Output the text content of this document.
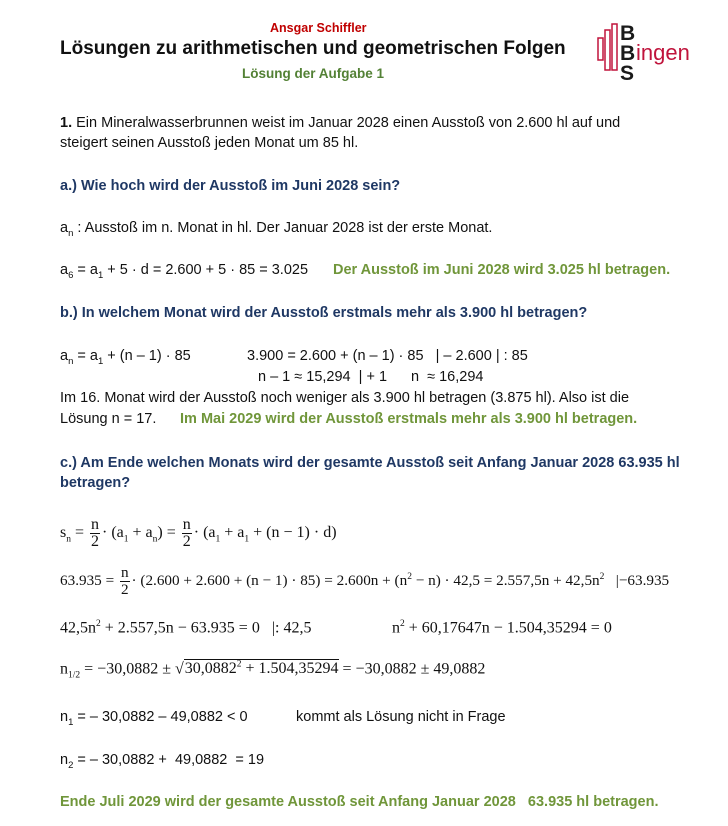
Ansgar Schiffler
Lösungen zu arithmetischen und geometrischen Folgen
Lösung der Aufgabe 1
B
B
S
ingen
1. Ein Mineralwasserbrunnen weist im Januar 2028 einen Ausstoß von 2.600 hl auf und
steigert seinen Ausstoß jeden Monat um 85 hl.
a.) Wie hoch wird der Ausstoß im Juni 2028 sein?
$a_n$ : Ausstoß im n. Monat in hl. Der Januar 2028 ist der erste Monat.
$a_6 = a_1 + 5 \cdot d = 2.600 + 5 \cdot 85 = 3.025$ Der Ausstoß im Juni 2028 wird 3.025 hl betragen.
b.) In welchem Monat wird der Ausstoß erstmals mehr als 3.900 hl betragen?
$a_n = a_1 + (n - 1) \cdot 85$	3.900 = 2.600 + (n – 1) · 85   | – 2.600 | : 85
n – 1 ≈ 15,294  | + 1 n  ≈ 16,294
Im 16. Monat wird der Ausstoß noch weniger als 3.900 hl betragen (3.875 hl). Also ist die
Lösung n = 17. Im Mai 2029 wird der Ausstoß erstmals mehr als 3.900 hl betragen.
c.) Am Ende welchen Monats wird der gesamte Ausstoß seit Anfang Januar 2028 63.935 hl
betragen?
$s_n = \frac{n}{2} \cdot (a_1 + a_n) = \frac{n}{2} \cdot (a_1 + a_1 + (n - 1) \cdot d)$
$63.935 = \frac{n}{2} \cdot (2.600 + 2.600 + (n - 1) \cdot 85) = 2.600n + (n^2 - n) \cdot 42,5 = 2.557,5n + 42,5n^2$   |−63.935
$42,5n^2 + 2.557,5n - 63.935 = 0$   |: 42,5	$n^2 + 60,17647n - 1.504,35294 = 0$
$n_{1/2} = -30,0882 \pm √30,0882^2 + 1.504,35294 = -30,0882 \pm 49,0882$
$n_1$ = – 30,0882 – 49,0882 < 0	kommt als Lösung nicht in Frage
$n_2$ = – 30,0882 +  49,0882  = 19
Ende Juli 2029 wird der gesamte Ausstoß seit Anfang Januar 2028   63.935 hl betragen.
